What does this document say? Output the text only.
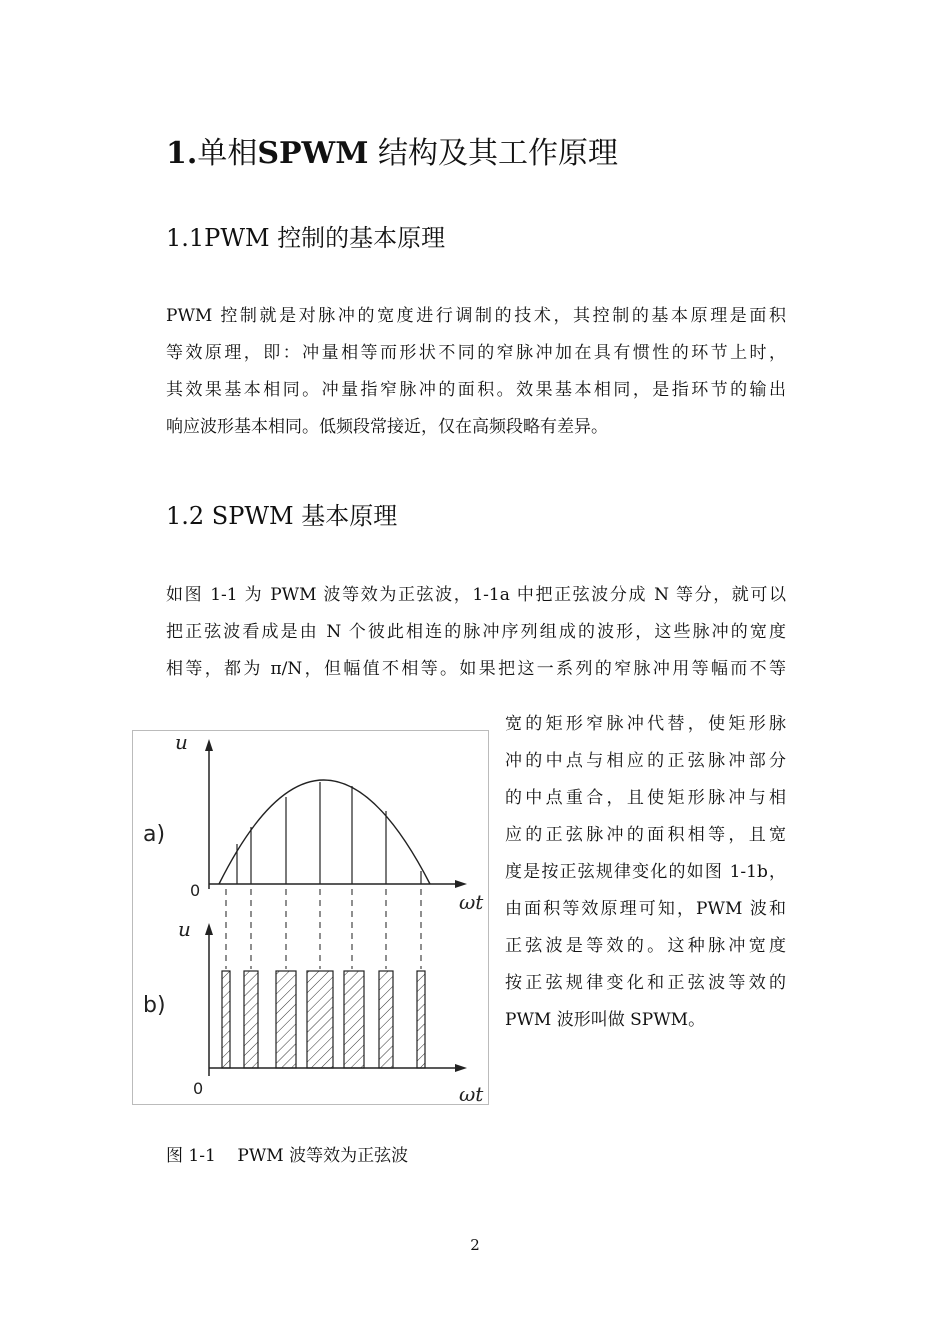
1.单相SPWM 结构及其工作原理
1.1PWM 控制的基本原理
PWM 控制就是对脉冲的宽度进行调制的技术，其控制的基本原理是面积
等效原理，即：冲量相等而形状不同的窄脉冲加在具有惯性的环节上时，
其效果基本相同。冲量指窄脉冲的面积。效果基本相同，是指环节的输出
响应波形基本相同。低频段常接近，仅在高频段略有差异。
1.2 SPWM 基本原理
如图 1-1 为 PWM 波等效为正弦波，1-1a 中把正弦波分成 N 等分，就可以
把正弦波看成是由 N 个彼此相连的脉冲序列组成的波形，这些脉冲的宽度
相等，都为 π/N，但幅值不相等。如果把这一系列的窄脉冲用等幅而不等
宽的矩形窄脉冲代替，使矩形脉
冲的中点与相应的正弦脉冲部分
的中点重合，且使矩形脉冲与相
应的正弦脉冲的面积相等，且宽
度是按正弦规律变化的如图 1-1b，
由面积等效原理可知，PWM 波和
正弦波是等效的。这种脉冲宽度
按正弦规律变化和正弦波等效的
PWM 波形叫做 SPWM。
u
a)
0	ωt
u
b)
0	ωt
图 1-1    PWM 波等效为正弦波
2
